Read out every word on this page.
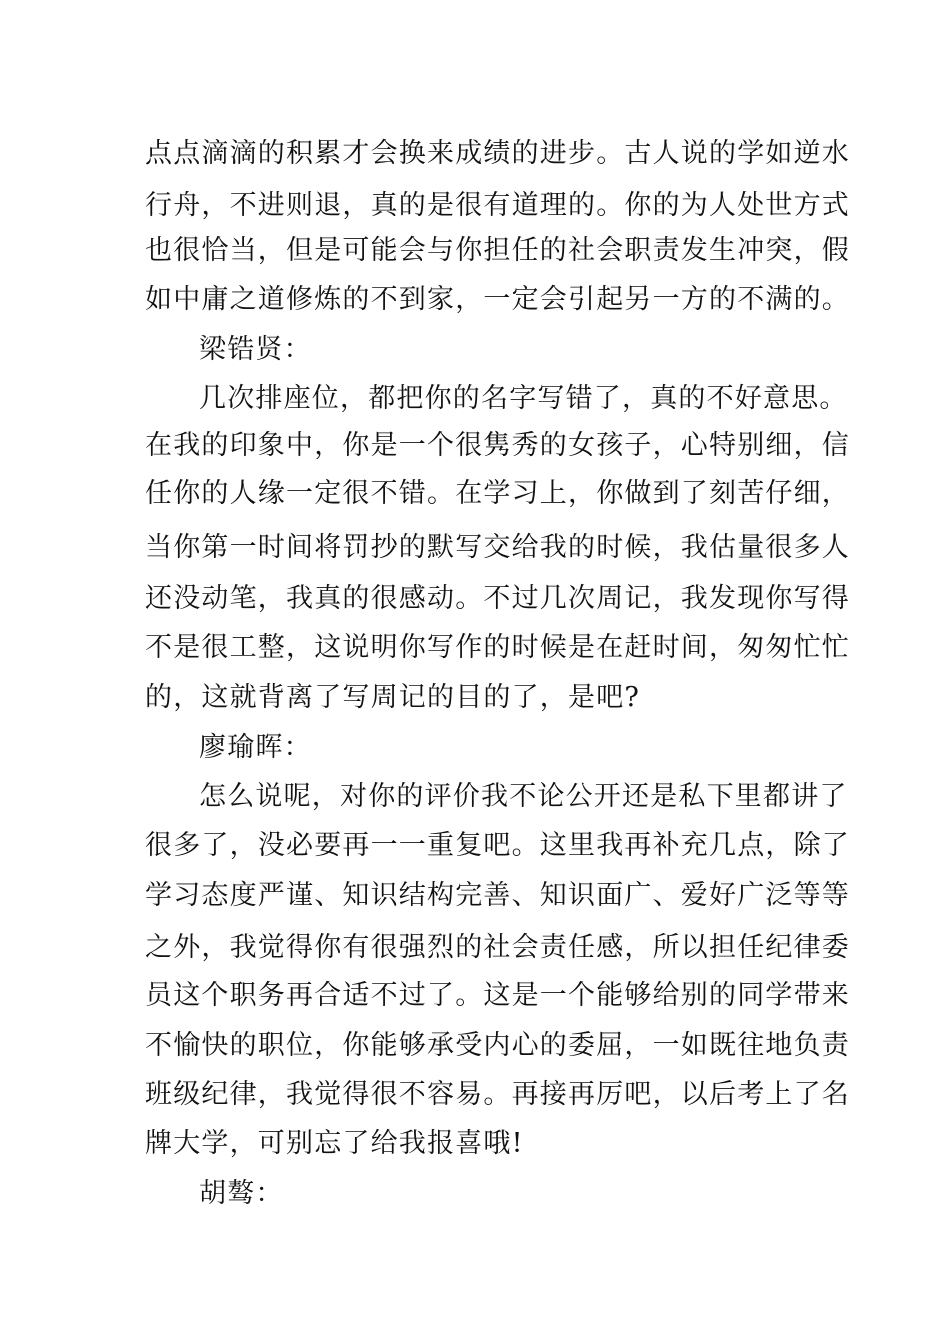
点点滴滴的积累才会换来成绩的进步。古人说的学如逆水
行舟，不进则退，真的是很有道理的。你的为人处世方式
也很恰当，但是可能会与你担任的社会职责发生冲突，假
如中庸之道修炼的不到家，一定会引起另一方的不满的。
梁锆贤：
几次排座位，都把你的名字写错了，真的不好意思。
在我的印象中，你是一个很隽秀的女孩子，心特别细，信
任你的人缘一定很不错。在学习上，你做到了刻苦仔细，
当你第一时间将罚抄的默写交给我的时候，我估量很多人
还没动笔，我真的很感动。不过几次周记，我发现你写得
不是很工整，这说明你写作的时候是在赶时间，匆匆忙忙
的，这就背离了写周记的目的了，是吧?
廖瑜晖：
怎么说呢，对你的评价我不论公开还是私下里都讲了
很多了，没必要再一一重复吧。这里我再补充几点，除了
学习态度严谨、知识结构完善、知识面广、爱好广泛等等
之外，我觉得你有很强烈的社会责任感，所以担任纪律委
员这个职务再合适不过了。这是一个能够给别的同学带来
不愉快的职位，你能够承受内心的委屈，一如既往地负责
班级纪律，我觉得很不容易。再接再厉吧，以后考上了名
牌大学，可别忘了给我报喜哦!
胡骜：
